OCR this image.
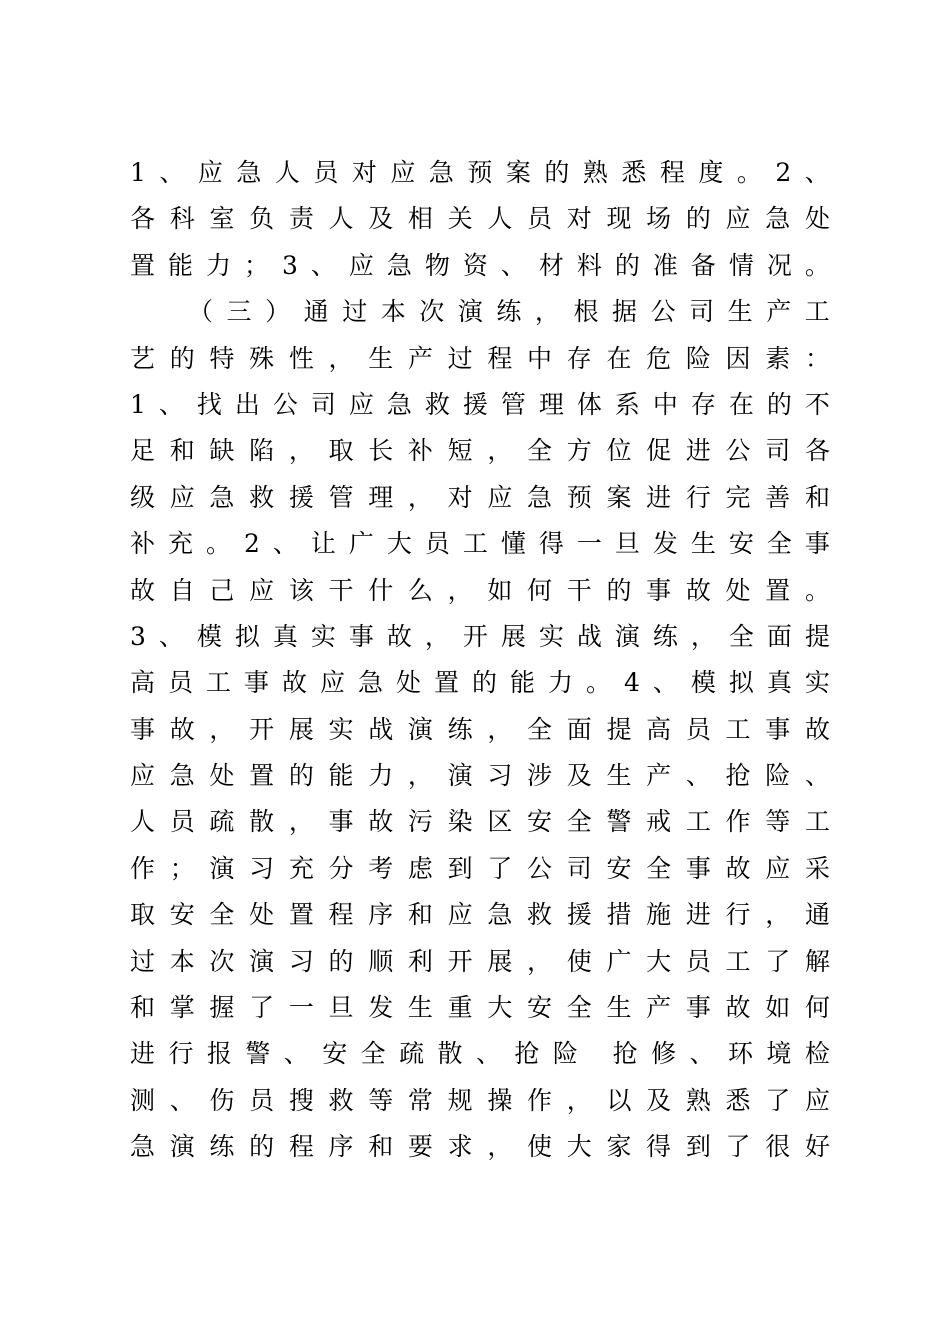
1 、 应 急 人 员 对 应 急 预 案 的 熟 悉 程 度 。 2 、
各 科 室 负 责 人 及 相 关 人 员 对 现 场 的 应 急 处
置 能 力 ； 3 、 应 急 物 资 、 材 料 的 准 备 情 况 。
（ 三 ） 通 过 本 次 演 练 ， 根 据 公 司 生 产 工
艺 的 特 殊 性 ， 生 产 过 程 中 存 在 危 险 因 素 ：
1 、 找 出 公 司 应 急 救 援 管 理 体 系 中 存 在 的 不
足 和 缺 陷 ， 取 长 补 短 ， 全 方 位 促 进 公 司 各
级 应 急 救 援 管 理 ， 对 应 急 预 案 进 行 完 善 和
补 充 。 2 、 让 广 大 员 工 懂 得 一 旦 发 生 安 全 事
故 自 己 应 该 干 什 么 ， 如 何 干 的 事 故 处 置 。
3 、 模 拟 真 实 事 故 ， 开 展 实 战 演 练 ， 全 面 提
高 员 工 事 故 应 急 处 置 的 能 力 。 4 、 模 拟 真 实
事 故 ， 开 展 实 战 演 练 ， 全 面 提 高 员 工 事 故
应 急 处 置 的 能 力 ， 演 习 涉 及 生 产 、 抢 险 、
人 员 疏 散 ， 事 故 污 染 区 安 全 警 戒 工 作 等 工
作 ； 演 习 充 分 考 虑 到 了 公 司 安 全 事 故 应 采
取 安 全 处 置 程 序 和 应 急 救 援 措 施 进 行 ， 通
过 本 次 演 习 的 顺 利 开 展 ， 使 广 大 员 工 了 解
和 掌 握 了 一 旦 发 生 重 大 安 全 生 产 事 故 如 何
进 行 报 警 、 安 全 疏 散 、 抢 险
抢 修 、 环 境 检
测 、 伤 员 搜 救 等 常 规 操 作 ， 以 及 熟 悉 了 应
急 演 练 的 程 序 和 要 求 ， 使 大 家 得 到 了 很 好
